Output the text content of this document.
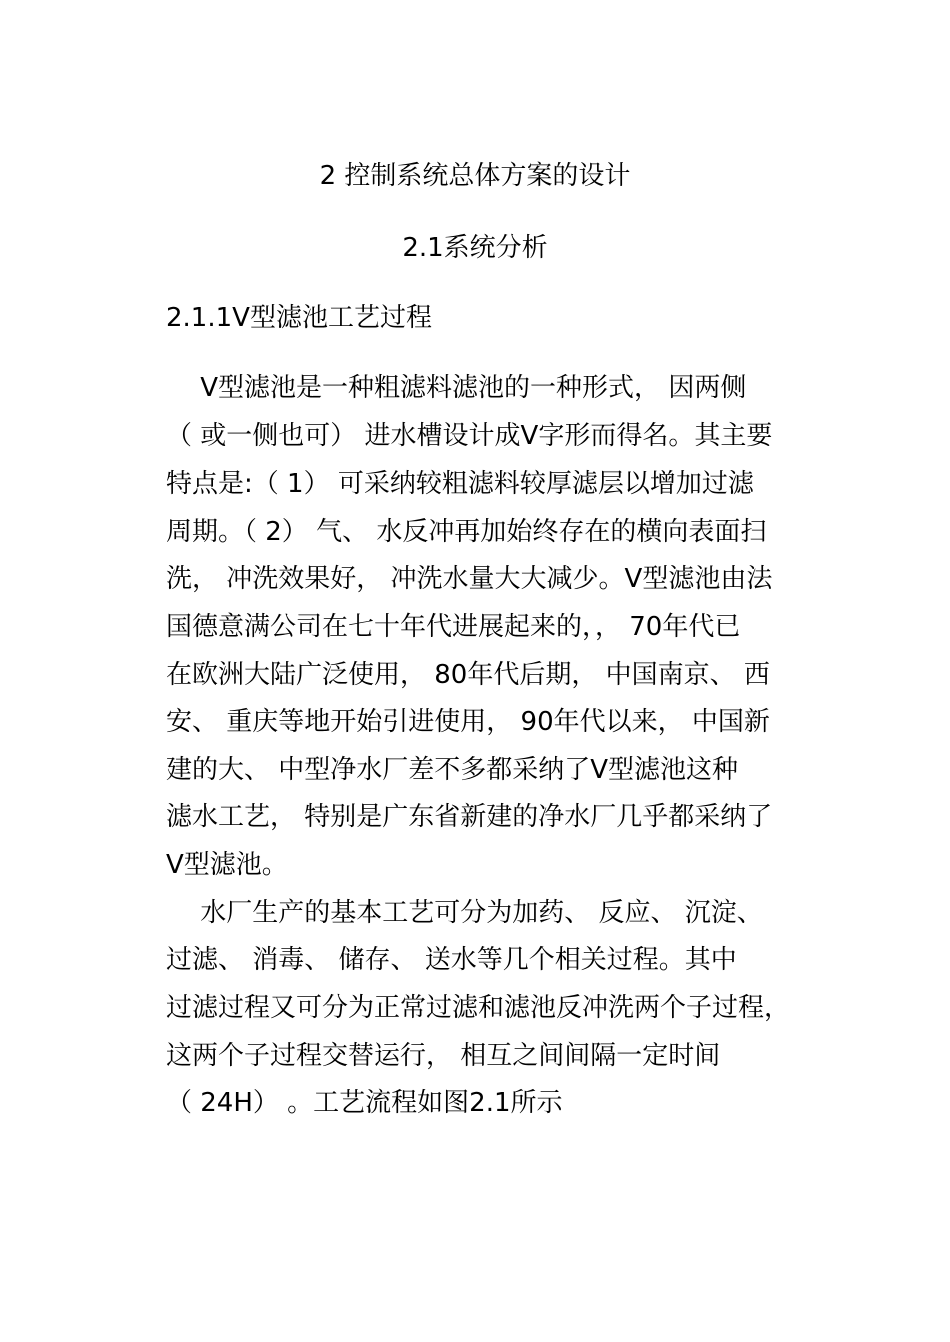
2 控制系统总体方案的设计
2.1系统分析
2.1.1V型滤池工艺过程
　 V型滤池是一种粗滤料滤池的一种形式， 因两侧
（ 或一侧也可） 进水槽设计成V字形而得名。其主要
特点是:（ 1） 可采纳较粗滤料较厚滤层以增加过滤
周期。（ 2） 气、 水反冲再加始终存在的横向表面扫
洗， 冲洗效果好， 冲洗水量大大减少。V型滤池由法
国德意满公司在七十年代进展起来的，， 70年代已
在欧洲大陆广泛使用， 80年代后期， 中国南京、 西
安、 重庆等地开始引进使用， 90年代以来， 中国新
建的大、 中型净水厂差不多都采纳了V型滤池这种
滤水工艺， 特别是广东省新建的净水厂几乎都采纳了
V型滤池。
　 水厂生产的基本工艺可分为加药、 反应、 沉淀、
过滤、 消毒、 储存、 送水等几个相关过程。其中
过滤过程又可分为正常过滤和滤池反冲洗两个子过程，
这两个子过程交替运行， 相互之间间隔一定时间
（ 24H） 。工艺流程如图2.1所示
